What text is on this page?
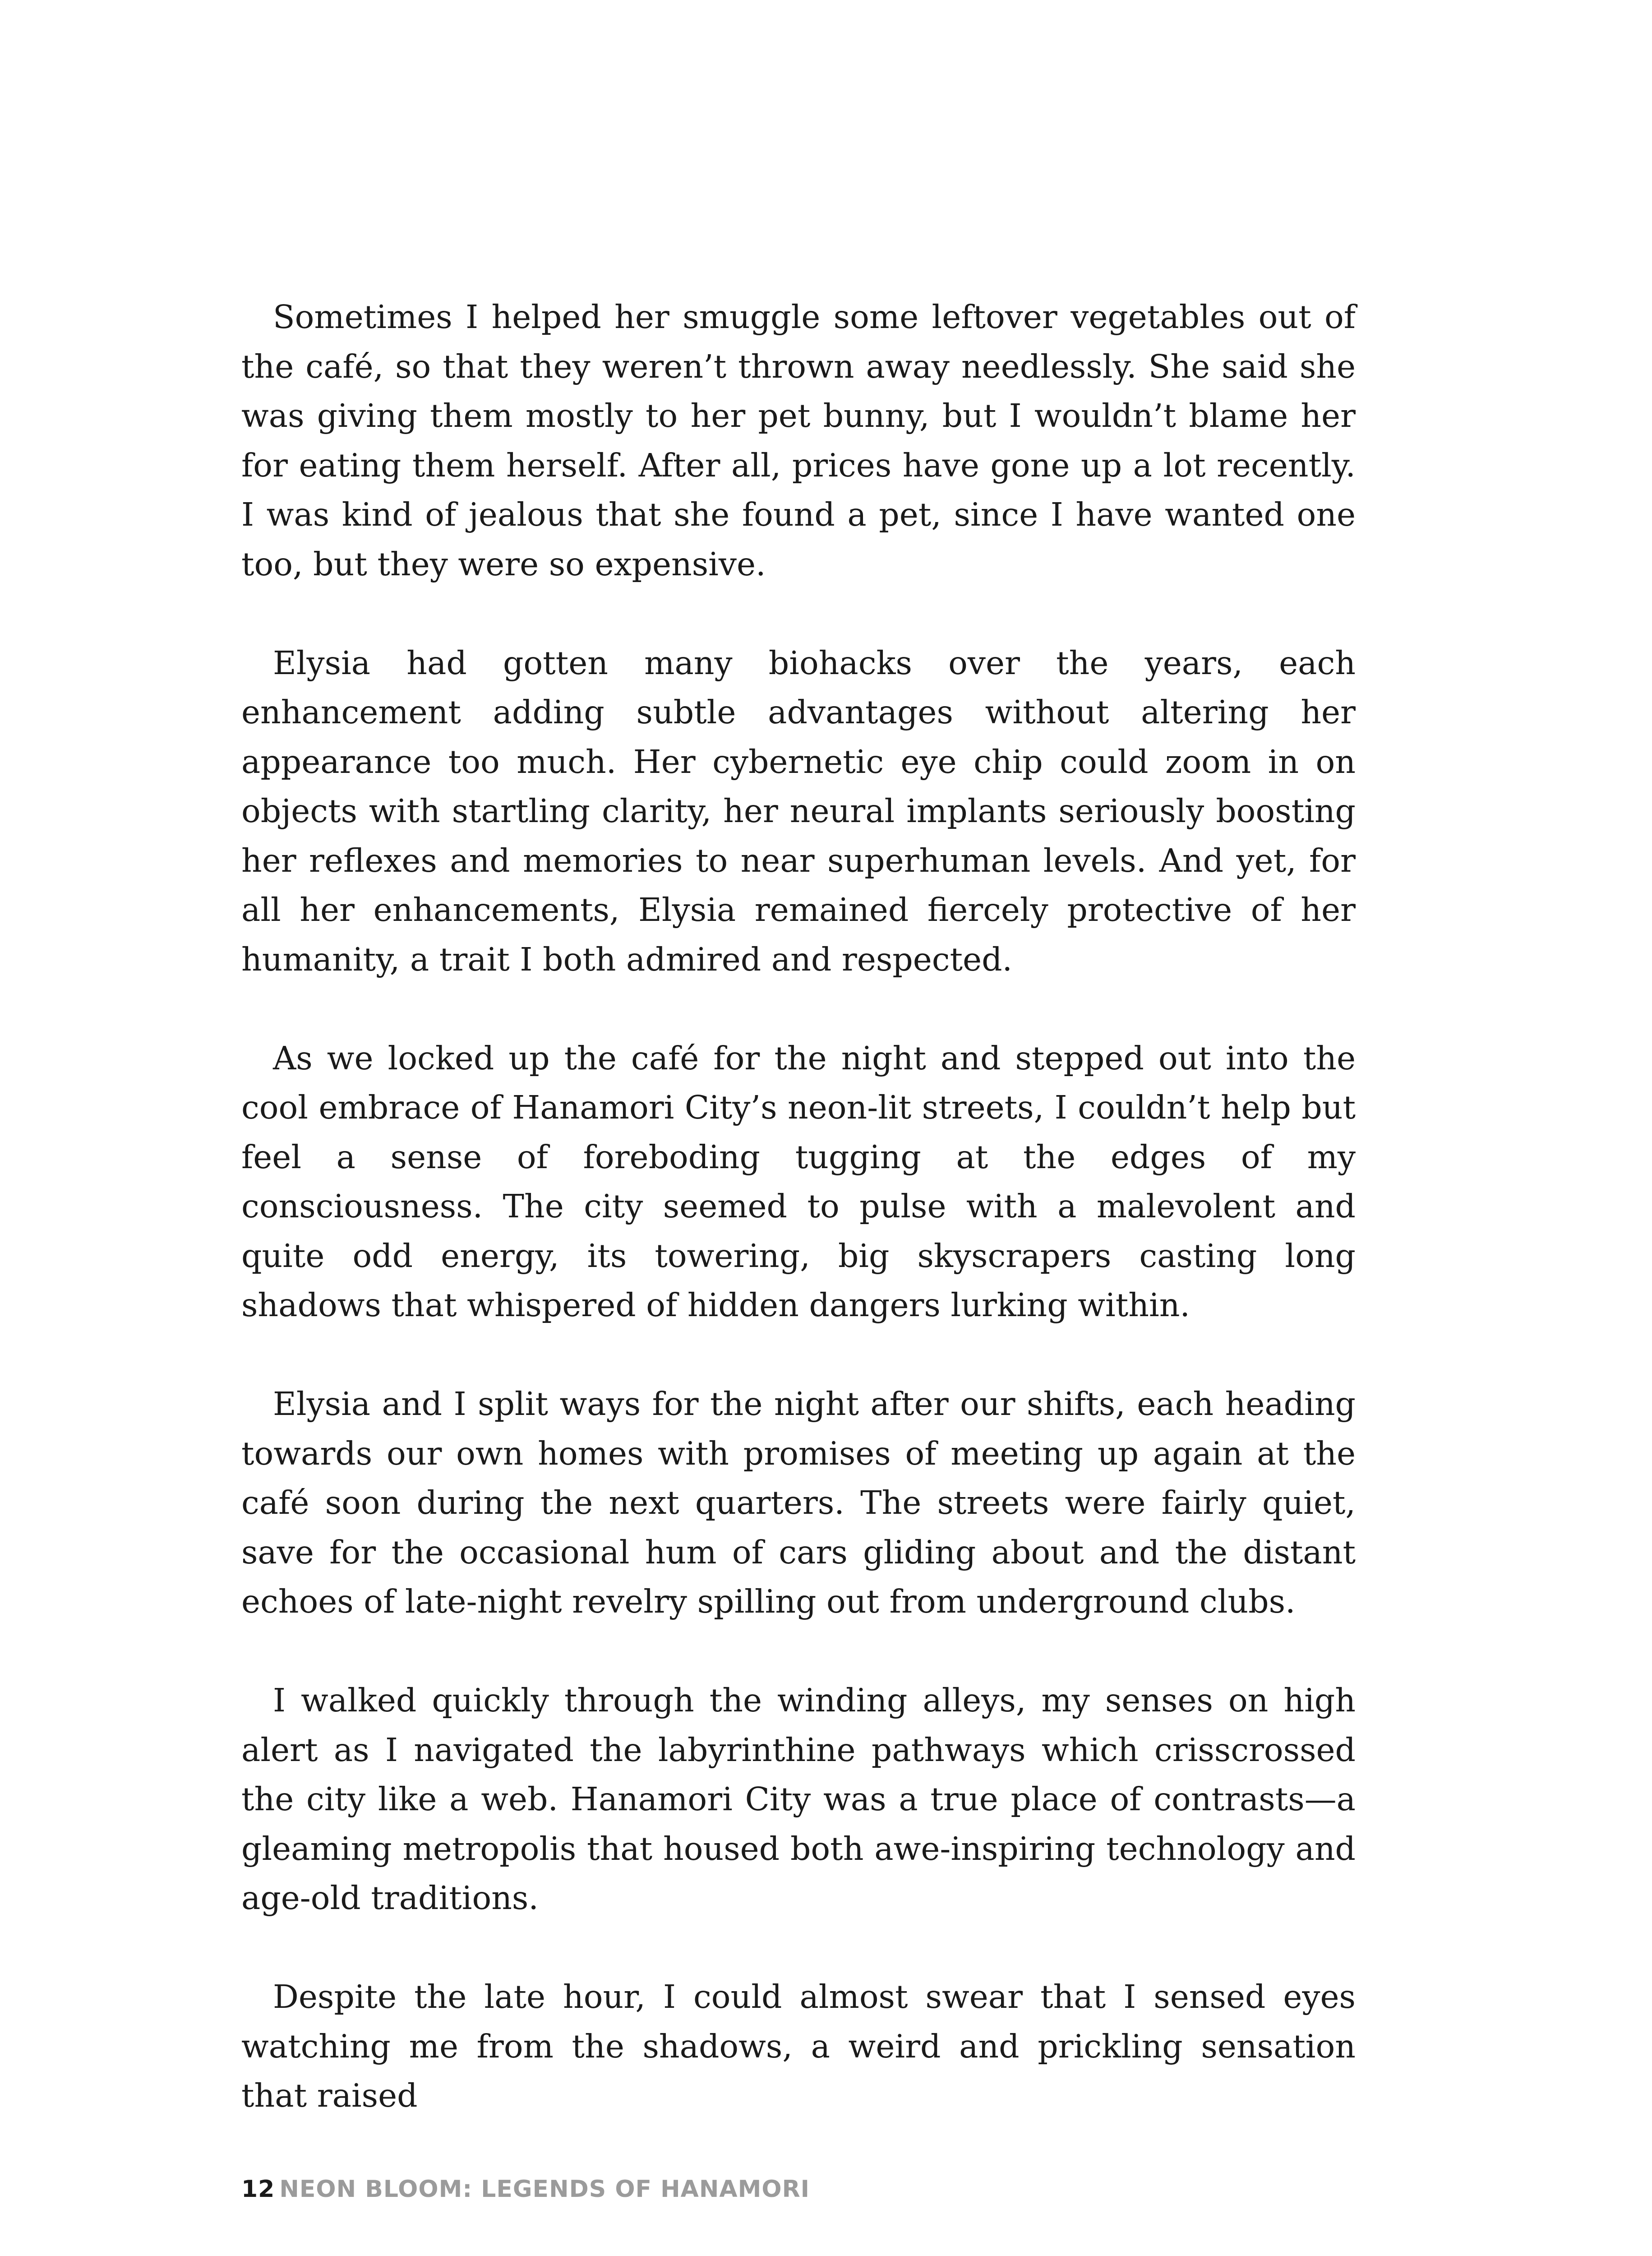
Sometimes I helped her smuggle some leftover vegetables out of the café, so that they weren’t thrown away needlessly. She said she was giving them mostly to her pet bunny, but I wouldn’t blame her for eating them herself. After all, prices have gone up a lot recently. I was kind of jealous that she found a pet, since I have wanted one too, but they were so expensive.

Elysia had gotten many biohacks over the years, each enhancement adding subtle advantages without altering her appearance too much. Her cybernetic eye chip could zoom in on objects with startling clarity, her neural implants seriously boosting her reflexes and memories to near superhuman levels. And yet, for all her enhancements, Elysia remained fiercely protective of her humanity, a trait I both admired and respected.

As we locked up the café for the night and stepped out into the cool embrace of Hanamori City’s neon-lit streets, I couldn’t help but feel a sense of foreboding tugging at the edges of my consciousness. The city seemed to pulse with a malevolent and quite odd energy, its towering, big skyscrapers casting long shadows that whispered of hidden dangers lurking within.

Elysia and I split ways for the night after our shifts, each heading towards our own homes with promises of meeting up again at the café soon during the next quarters. The streets were fairly quiet, save for the occasional hum of cars gliding about and the distant echoes of late-night revelry spilling out from underground clubs.

I walked quickly through the winding alleys, my senses on high alert as I navigated the labyrinthine pathways which crisscrossed the city like a web. Hanamori City was a true place of contrasts—a gleaming metropolis that housed both awe-inspiring technology and age-old traditions.

Despite the late hour, I could almost swear that I sensed eyes watching me from the shadows, a weird and prickling sensation that raised

12 NEON BLOOM: LEGENDS OF HANAMORI
